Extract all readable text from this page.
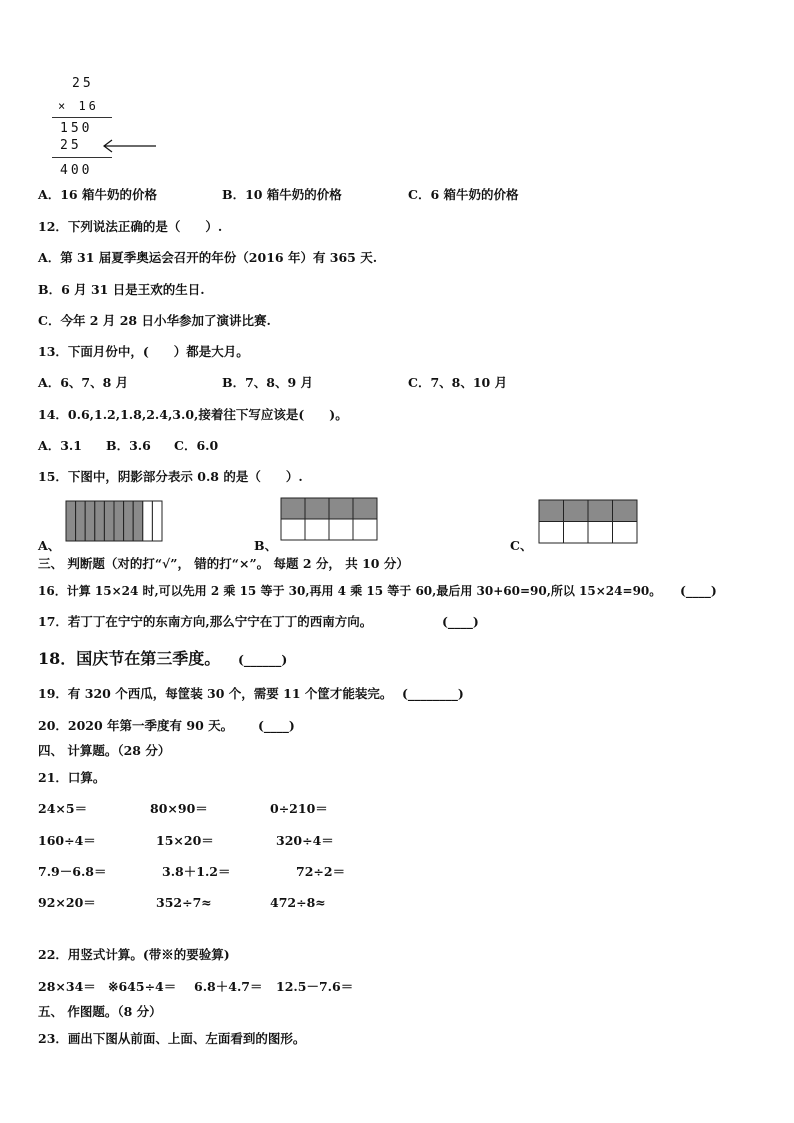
25
× 16
150
25
400
A．16 箱牛奶的价格	B．10 箱牛奶的价格	C．6 箱牛奶的价格
12．下列说法正确的是（　　）.
A．第 31 届夏季奥运会召开的年份（2016 年）有 365 天.
B．6 月 31 日是王欢的生日.
C．今年 2 月 28 日小华参加了演讲比赛.
13．下面月份中，(　　）都是大月。
A．6、7、8 月	B．7、8、9 月	C．7、8、10 月
14．0.6,1.2,1.8,2.4,3.0,接着往下写应该是(　　)。
A．3.1 B．3.6 C．6.0
15．下图中，阴影部分表示 0.8 的是（　　）.
A、	B、	C、
三、 判断题（对的打“√”， 错的打“×”。 每题 2 分， 共 10 分）
16．计算 15×24 时,可以先用 2 乘 15 等于 30,再用 4 乘 15 等于 60,最后用 30+60=90,所以 15×24=90。 (____)
17．若丁丁在宁宁的东南方向,那么宁宁在丁丁的西南方向。	(____)
18．国庆节在第三季度。 (______)
19．有 320 个西瓜，每筐装 30 个，需要 11 个筐才能装完。 (________)
20．2020 年第一季度有 90 天。 (____)
四、 计算题。（28 分）
21．口算。
24×5＝	80×90＝	0÷210＝
160÷4＝	15×20＝	320÷4＝
7.9－6.8＝	3.8＋1.2＝	72÷2＝
92×20＝	352÷7≈	472÷8≈
22．用竖式计算。(带※的要验算)
28×34＝ ※645÷4＝ 6.8＋4.7＝ 12.5－7.6＝
五、 作图题。（8 分）
23．画出下图从前面、上面、左面看到的图形。
